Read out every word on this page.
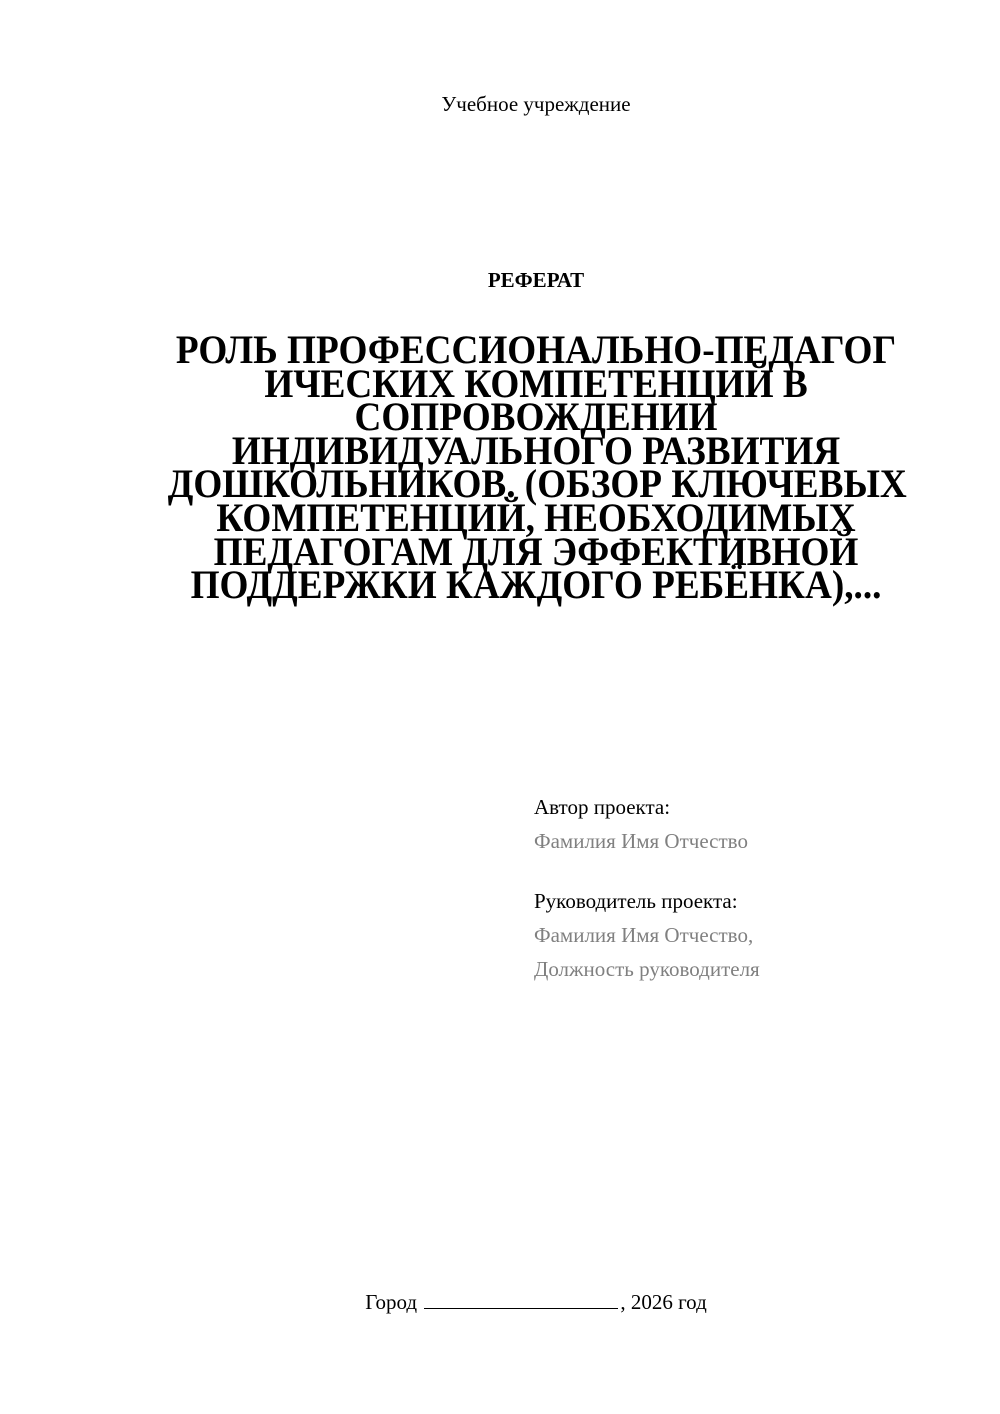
Учебное учреждение
РЕФЕРАТ
РОЛЬ ПРОФЕССИОНАЛЬНО-ПЕДАГОГ
ИЧЕСКИХ КОМПЕТЕНЦИЙ В
СОПРОВОЖДЕНИИ
ИНДИВИДУАЛЬНОГО РАЗВИТИЯ
ДОШКОЛЬНИКОВ. (ОБЗОР КЛЮЧЕВЫХ
КОМПЕТЕНЦИЙ, НЕОБХОДИМЫХ
ПЕДАГОГАМ ДЛЯ ЭФФЕКТИВНОЙ
ПОДДЕРЖКИ КАЖДОГО РЕБЁНКА),...
Автор проекта:
Фамилия Имя Отчество
Руководитель проекта:
Фамилия Имя Отчество,
Должность руководителя
Город	, 2026 год
